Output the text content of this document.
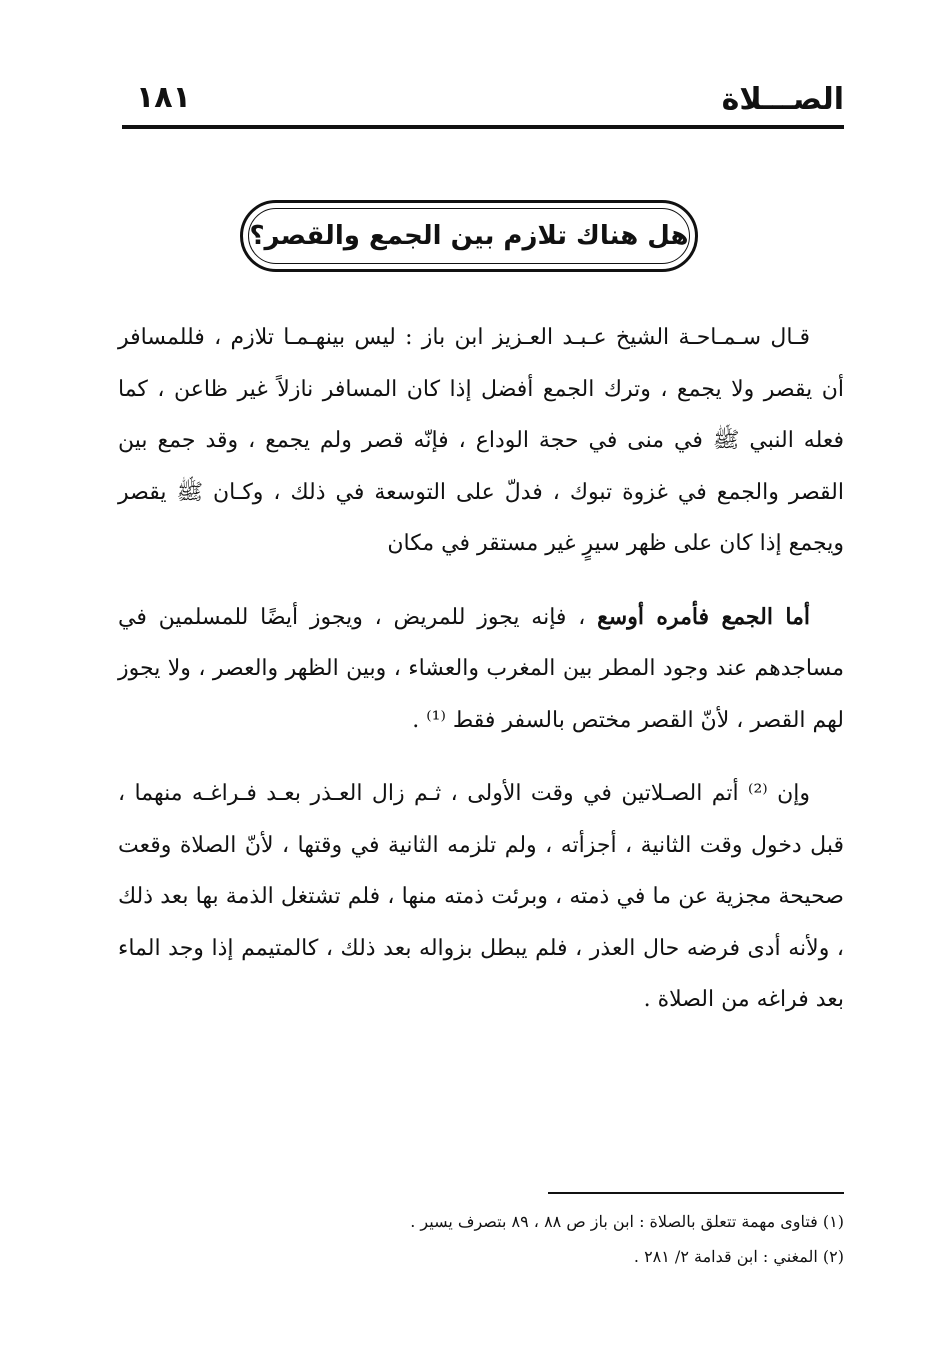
الصـــلاة
١٨١
هل هناك تلازم بين الجمع والقصر؟

قـال سـمـاحـة الشيخ عـبـد العـزيز ابن باز : ليس بينهـمـا تلازم ، فللمسافر أن يقصر ولا يجمع ، وترك الجمع أفضل إذا كان المسافر نازلاً غير ظاعن ، كما فعله النبي ﷺ في منى في حجة الوداع ، فإنّه قصر ولم يجمع ، وقد جمع بين القصر والجمع في غزوة تبوك ، فدلّ على التوسعة في ذلك ، وكـان ﷺ يقصر ويجمع إذا كان على ظهر سيرٍ غير مستقر في مكان

أما الجمع فأمره أوسع ، فإنه يجوز للمريض ، ويجوز أيضًا للمسلمين في مساجدهم عند وجود المطر بين المغرب والعشاء ، وبين الظهر والعصر ، ولا يجوز لهم القصر ، لأنّ القصر مختص بالسفر فقط ⁽¹⁾ .

وإن ⁽²⁾ أتم الصـلاتين في وقت الأولى ، ثـم زال العـذر بعـد فـراغـه منهما ، قبل دخول وقت الثانية ، أجزأته ، ولم تلزمه الثانية في وقتها ، لأنّ الصلاة وقعت صحيحة مجزية عن ما في ذمته ، وبرئت ذمته منها ، فلم تشتغل الذمة بها بعد ذلك ، ولأنه أدى فرضه حال العذر ، فلم يبطل بزواله بعد ذلك ، كالمتيمم إذا وجد الماء بعد فراغه من الصلاة .

(١) فتاوى مهمة تتعلق بالصلاة : ابن باز ص ٨٨ ، ٨٩ بتصرف يسير .

(٢) المغني : ابن قدامة ٢/ ٢٨١ .
